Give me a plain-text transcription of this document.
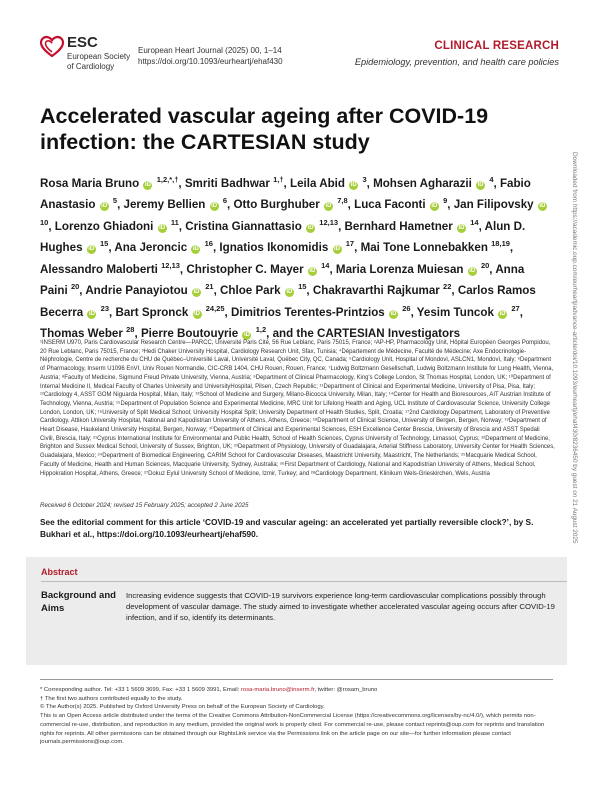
ESC
European Society
of Cardiology
European Heart Journal (2025) 00, 1–14
https://doi.org/10.1093/eurheartj/ehaf430
CLINICAL RESEARCH
Epidemiology, prevention, and health care policies
Accelerated vascular ageing after COVID-19 infection: the CARTESIAN study
Rosa Maria Bruno iD $^{1,2,*,\dagger}$, Smriti Badhwar $^{1,\dagger}$, Leila Abid iD $^3$, Mohsen Agharazii iD $^4$, Fabio Anastasio iD $^5$, Jeremy Bellien iD $^6$, Otto Burghuber iD $^{7,8}$, Luca Faconti iD $^9$, Jan Filipovsky iD $^{10}$, Lorenzo Ghiadoni iD $^{11}$, Cristina Giannattasio iD $^{12,13}$, Bernhard Hametner iD $^{14}$, Alun D. Hughes iD $^{15}$, Ana Jeroncic iD $^{16}$, Ignatios Ikonomidis iD $^{17}$, Mai Tone Lonnebakken $^{18,19}$, Alessandro Maloberti $^{12,13}$, Christopher C. Mayer iD $^{14}$, Maria Lorenza Muiesan iD $^{20}$, Anna Paini $^{20}$, Andrie Panayiotou iD $^{21}$, Chloe Park iD $^{15}$, Chakravarthi Rajkumar $^{22}$, Carlos Ramos Becerra iD $^{23}$, Bart Spronck iD $^{24,25}$, Dimitrios Terentes-Printzios iD $^{26}$, Yesim Tuncok iD $^{27}$, Thomas Weber $^{28}$, Pierre Boutouyrie iD $^{1,2}$, and the CARTESIAN Investigators
¹INSERM U970, Paris Cardiovascular Research Centre—PARCC, Université Paris Cité, 56 Rue Leblanc, Paris 75015, France; ²AP-HP, Pharmacology Unit, Hôpital Européen Georges Pompidou, 20 Rue Leblanc, Paris 75015, France; ³Hedi Chaker University Hospital, Cardiology Research Unit, Sfax, Tunisia; ⁴Département de Médecine, Faculté de Médecine; Axe Endocrinologie-Néphrologie, Centre de recherche du CHU de Québec–Université Laval, Université Laval, Québec City, QC, Canada; ⁵Cardiology Unit, Hospital of Mondovì, ASLCN1, Mondovì, Italy; ⁶Department of Pharmacology, Inserm U1096 EnVI, Univ Rouen Normandie, CIC-CRB 1404, CHU Rouen, Rouen, France; ⁷Ludwig Boltzmann Gesellschaft, Ludwig Boltzmann Institute for Lung Health, Vienna, Austria; ⁸Faculty of Medicine, Sigmund Freud Private University, Vienna, Austria; ⁹Department of Clinical Pharmacology, King's College London, St Thomas Hospital, London, UK; ¹⁰Department of Internal Medicine II, Medical Faculty of Charles University and UniversityHospital, Pilsen, Czech Republic; ¹¹Department of Clinical and Experimental Medicine, University of Pisa, Pisa, Italy; ¹²Cardiology 4, ASST GOM Niguarda Hospital, Milan, Italy; ¹³School of Medicine and Surgery, Milano-Bicocca University, Milan, Italy; ¹⁴Center for Health and Bioresources, AIT Austrian Institute of Technology, Vienna, Austria; ¹⁵Department of Population Science and Experimental Medicine, MRC Unit for Lifelong Health and Aging, UCL Institute of Cardiovascular Science, University College London, London, UK; ¹⁶University of Split Medical School; University Hospital Split; University Department of Health Studies, Split, Croatia; ¹⁷2nd Cardiology Department, Laboratory of Preventive Cardiology, Attikon University Hospital, National and Kapodistrian University of Athens, Athens, Greece; ¹⁸Department of Clinical Science, University of Bergen, Bergen, Norway; ¹⁹Department of Heart Disease, Haukeland University Hospital, Bergen, Norway; ²⁰Department of Clinical and Experimental Sciences, ESH Excellence Center Brescia, University of Brescia and ASST Spedali Civili, Brescia, Italy; ²¹Cyprus International Institute for Environmental and Public Health, School of Health Sciences, Cyprus University of Technology, Limassol, Cyprus; ²²Department of Medicine, Brighton and Sussex Medical School, University of Sussex, Brighton, UK; ²³Department of Physiology, University of Guadalajara, Arterial Stiffness Laboratory, University Center for Health Sciences, Guadalajara, Mexico; ²⁴Department of Biomedical Engineering, CARIM School for Cardiovascular Diseases, Maastricht University, Maastricht, The Netherlands; ²⁵Macquarie Medical School, Faculty of Medicine, Health and Human Sciences, Macquarie University, Sydney, Australia; ²⁶First Department of Cardiology, National and Kapodistrian University of Athens, Medical School, Hippokration Hospital, Athens, Greece; ²⁷Dokuz Eylul University School of Medicine, Izmir, Turkey; and ²⁸Cardiology Department, Klinikum Wels-Grieskirchen, Wels, Austria
Received 6 October 2024; revised 15 February 2025; accepted 2 June 2025
See the editorial comment for this article ‘COVID-19 and vascular ageing: an accelerated yet partially reversible clock?’, by S. Bukhari et al., https://doi.org/10.1093/eurheartj/ehaf590.
Abstract
Background and Aims
Increasing evidence suggests that COVID-19 survivors experience long-term cardiovascular complications possibly through development of vascular damage. The study aimed to investigate whether accelerated vascular ageing occurs after COVID-19 infection, and if so, identify its determinants.
* Corresponding author. Tel: +33 1 5609 3699, Fax: +33 1 5609 3991, Email: rosa-maria.bruno@inserm.fr, twitter: @rosam_bruno
† The first two authors contributed equally to the study.
© The Author(s) 2025. Published by Oxford University Press on behalf of the European Society of Cardiology.
This is an Open Access article distributed under the terms of the Creative Commons Attribution-NonCommercial License (https://creativecommons.org/licenses/by-nc/4.0/), which permits non-commercial re-use, distribution, and reproduction in any medium, provided the original work is properly cited. For commercial re-use, please contact reprints@oup.com for reprints and translation rights for reprints. All other permissions can be obtained through our RightsLink service via the Permissions link on the article page on our site—for further information please contact journals.permissions@oup.com.
Downloaded from https://academic.oup.com/eurheartj/advance-article/doi/10.1093/eurheartj/ehaf430/8236450 by guest on 21 August 2025
